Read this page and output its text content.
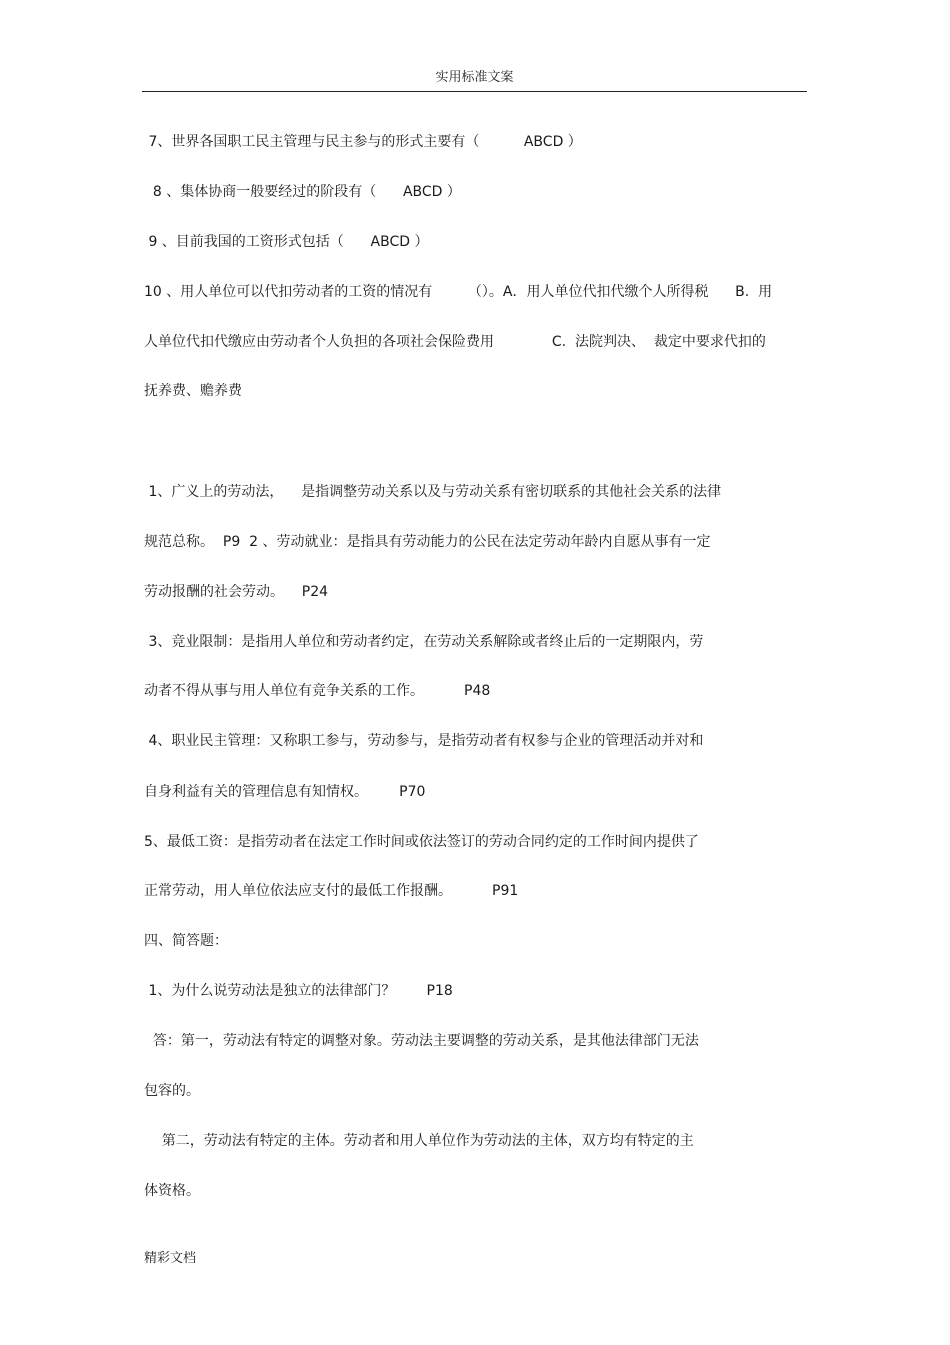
实用标准文案
7、世界各国职工民主管理与民主参与的形式主要有（          ABCD ）
8 、集体协商一般要经过的阶段有（      ABCD ）
9 、目前我国的工资形式包括（      ABCD ）
10 、用人单位可以代扣劳动者的工资的情况有        （）。A．用人单位代扣代缴个人所得税      B.  用
人单位代扣代缴应由劳动者个人负担的各项社会保险费用             C.  法院判决、  裁定中要求代扣的
抚养费、赡养费
1、广义上的劳动法，    是指调整劳动关系以及与劳动关系有密切联系的其他社会关系的法律
规范总称。  P9  2 、劳动就业：是指具有劳动能力的公民在法定劳动年龄内自愿从事有一定
劳动报酬的社会劳动。    P24
3、竞业限制：是指用人单位和劳动者约定，在劳动关系解除或者终止后的一定期限内，劳
动者不得从事与用人单位有竞争关系的工作。         P48
4、职业民主管理：又称职工参与，劳动参与，是指劳动者有权参与企业的管理活动并对和
自身利益有关的管理信息有知情权。       P70
5、最低工资：是指劳动者在法定工作时间或依法签订的劳动合同约定的工作时间内提供了
正常劳动，用人单位依法应支付的最低工作报酬。         P91
四、简答题：
1、为什么说劳动法是独立的法律部门？       P18
答：第一，劳动法有特定的调整对象。劳动法主要调整的劳动关系，是其他法律部门无法
包容的。
第二，劳动法有特定的主体。劳动者和用人单位作为劳动法的主体，双方均有特定的主
体资格。
精彩文档
